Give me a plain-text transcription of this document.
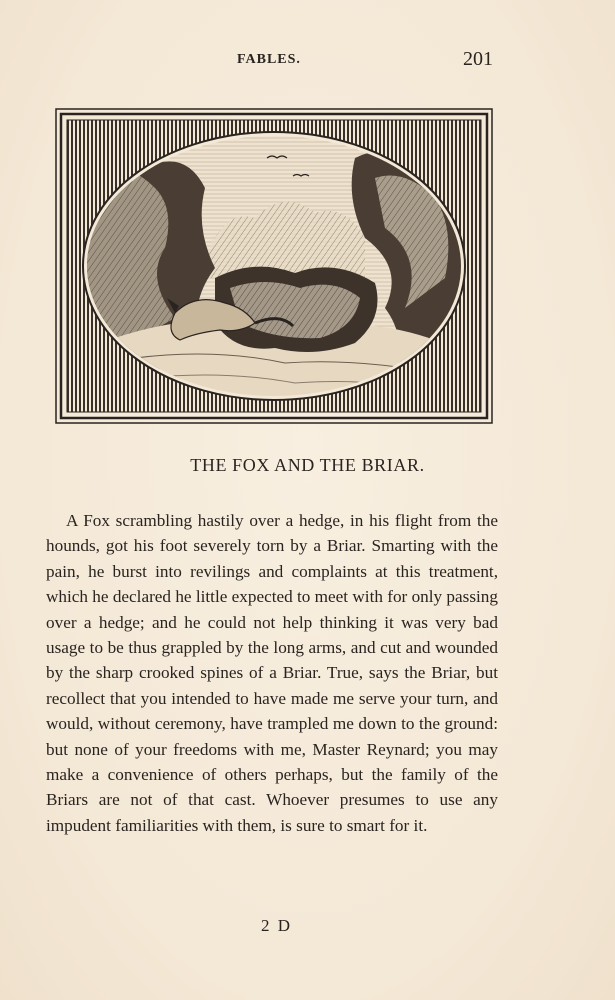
FABLES.	201
THE FOX AND THE BRIAR.

A Fox scrambling hastily over a hedge, in his flight from the hounds, got his foot severely torn by a Briar. Smarting with the pain, he burst into revilings and complaints at this treatment, which he declared he little expected to meet with for only passing over a hedge; and he could not help thinking it was very bad usage to be thus grappled by the long arms, and cut and wounded by the sharp crooked spines of a Briar. True, says the Briar, but recollect that you intended to have made me serve your turn, and would, without ceremony, have trampled me down to the ground: but none of your freedoms with me, Master Reynard; you may make a convenience of others perhaps, but the family of the Briars are not of that cast. Whoever presumes to use any impudent familiarities with them, is sure to smart for it.

2 D
